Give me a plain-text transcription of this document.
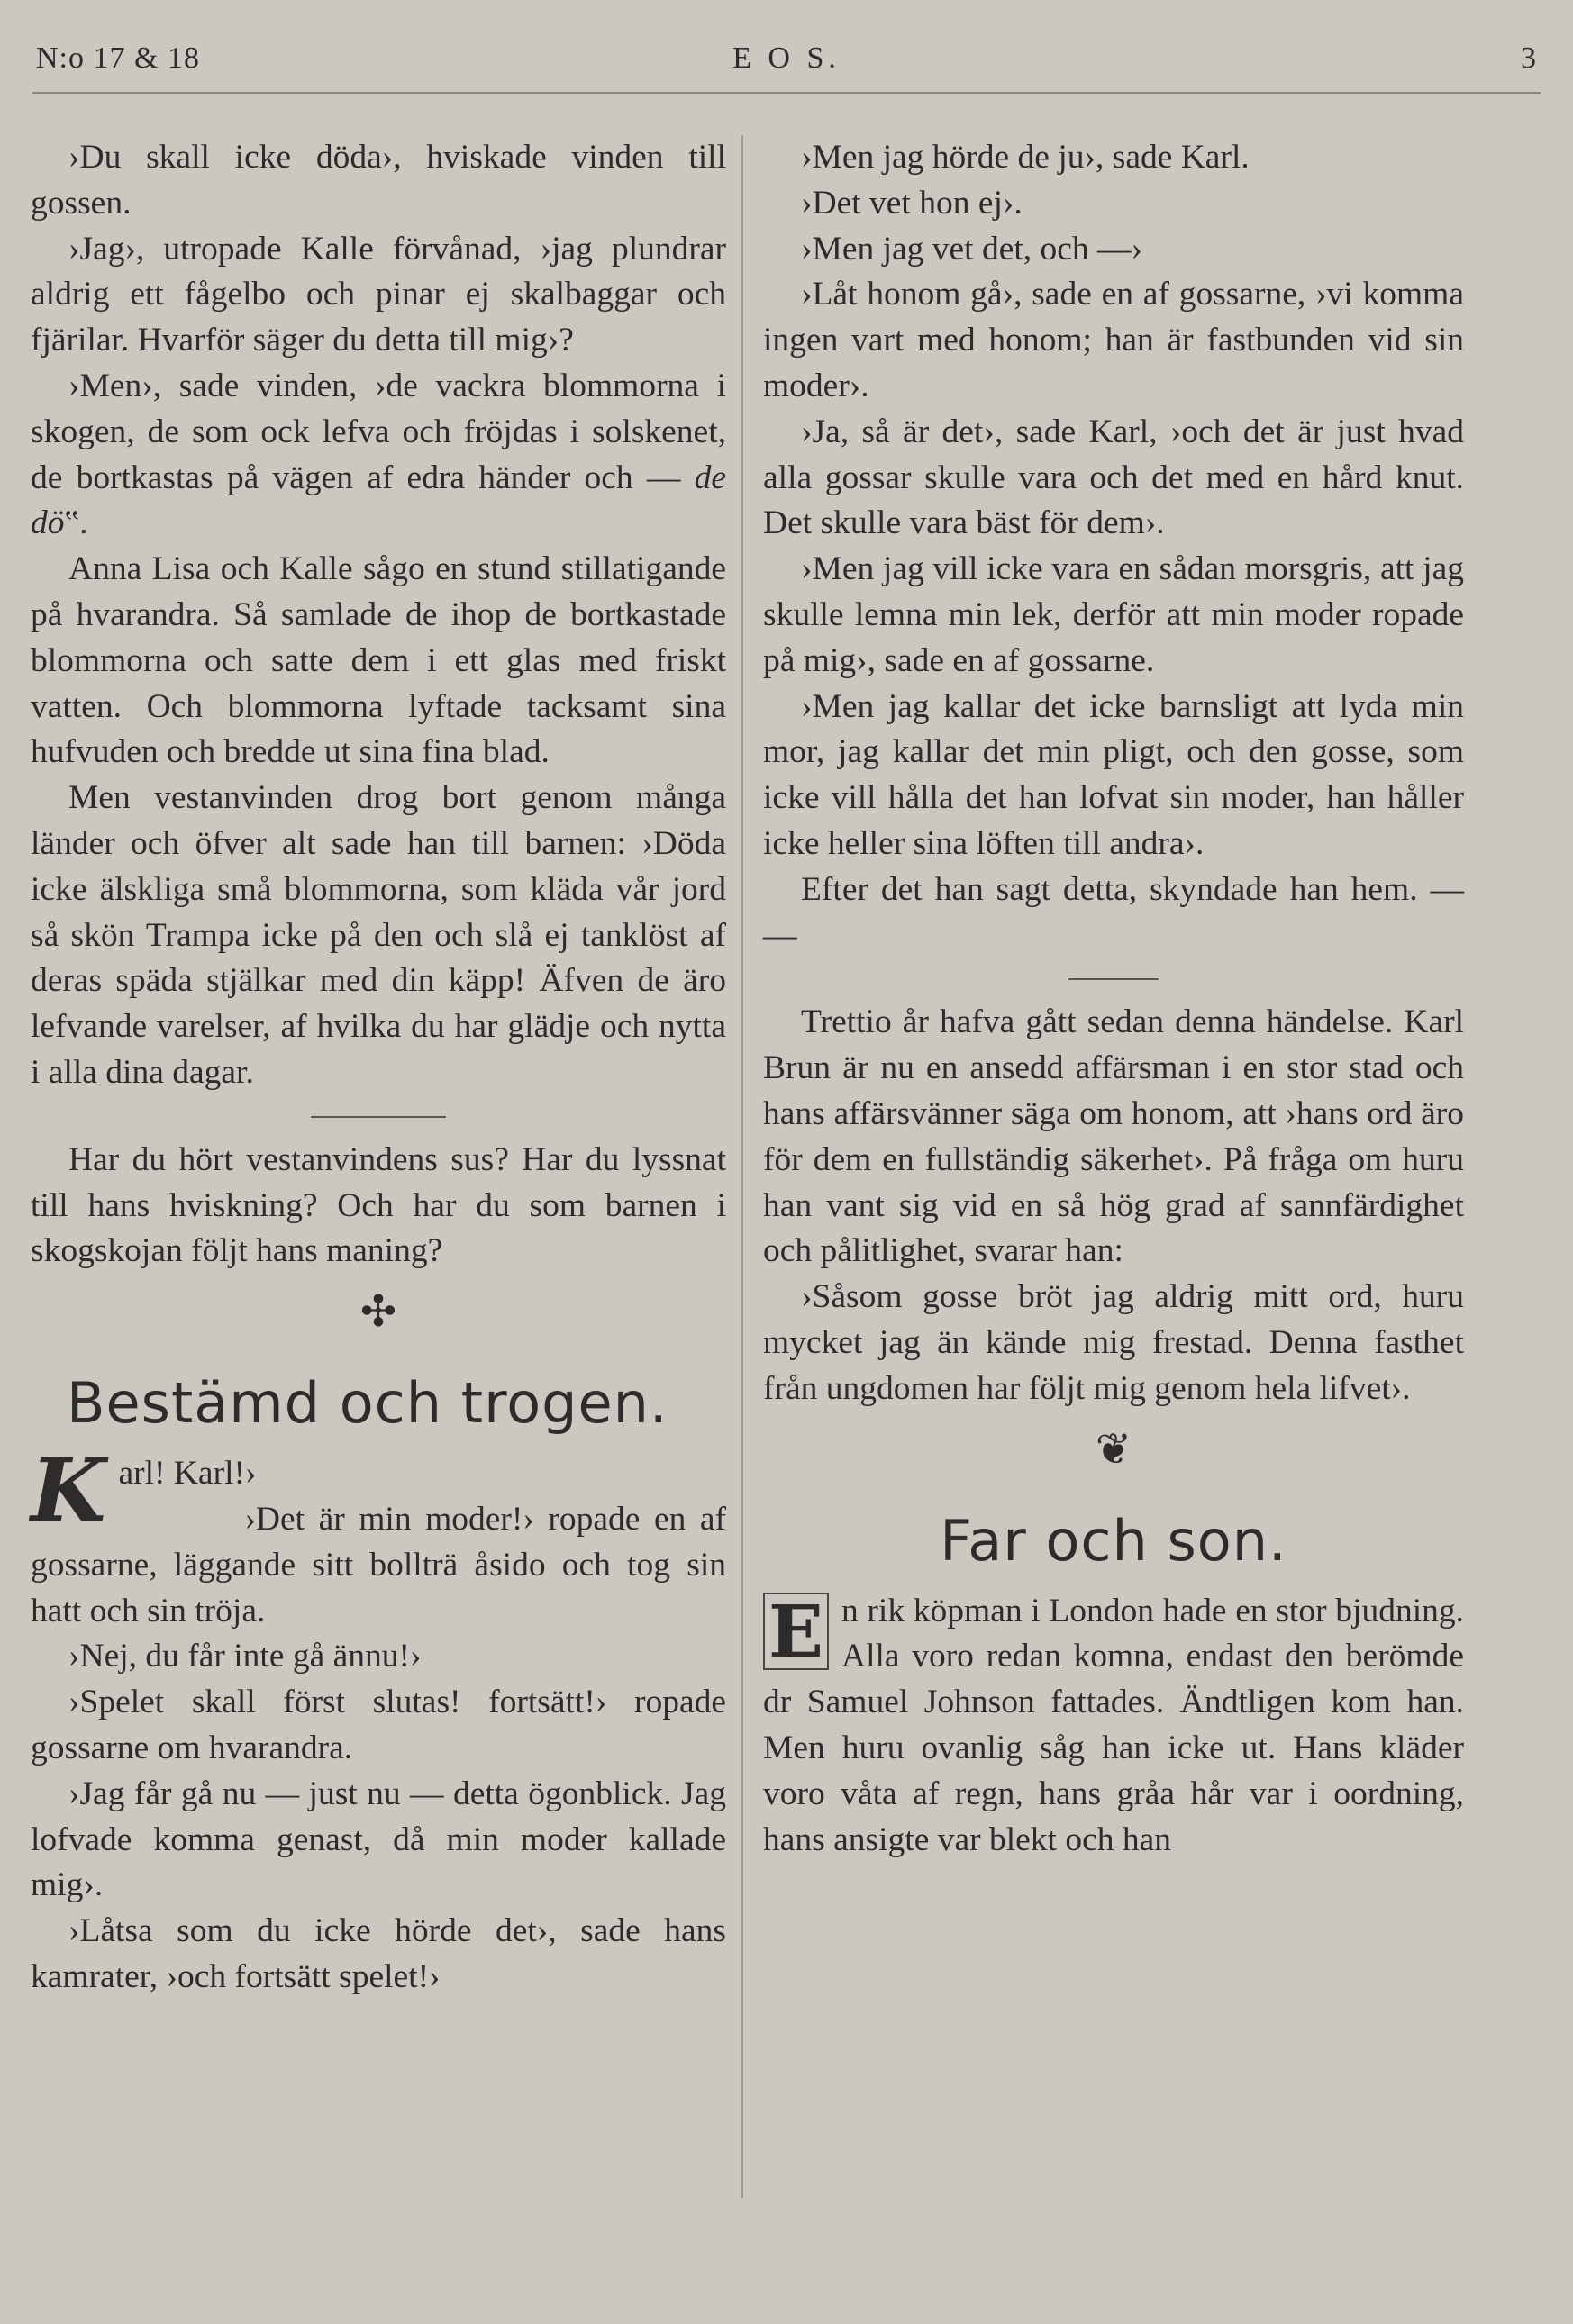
N:o 17 & 18	E O S.	3

›Du skall icke döda›, hviskade vinden till gossen.

›Jag›, utropade Kalle förvånad, ›jag plundrar aldrig ett fågelbo och pinar ej skalbaggar och fjärilar. Hvarför säger du detta till mig›?

›Men›, sade vinden, ›de vackra blommorna i skogen, de som ock lefva och fröjdas i solskenet, de bortkastas på vägen af edra händer och — de dö‟.

Anna Lisa och Kalle sågo en stund stillatigande på hvarandra. Så samlade de ihop de bortkastade blommorna och satte dem i ett glas med friskt vatten. Och blommorna lyftade tacksamt sina hufvuden och bredde ut sina fina blad.

Men vestanvinden drog bort genom många länder och öfver alt sade han till barnen: ›Döda icke älskliga små blommorna, som kläda vår jord så skön Trampa icke på den och slå ej tanklöst af deras späda stjälkar med din käpp! Äfven de äro lefvande varelser, af hvilka du har glädje och nytta i alla dina dagar.

Har du hört vestanvindens sus? Har du lyssnat till hans hviskning? Och har du som barnen i skogskojan följt hans maning?

✣
Bestämd och trogen.

Karl! Karl!›

›Det är min moder!› ropade en af gossarne, läggande sitt bollträ åsido och tog sin hatt och sin tröja.

›Nej, du får inte gå ännu!›

›Spelet skall först slutas! fortsätt!› ropade gossarne om hvarandra.

›Jag får gå nu — just nu — detta ögonblick. Jag lofvade komma genast, då min moder kallade mig›.

›Låtsa som du icke hörde det›, sade hans kamrater, ›och fortsätt spelet!›

›Men jag hörde de ju›, sade Karl.

›Det vet hon ej›.

›Men jag vet det, och —›

›Låt honom gå›, sade en af gossarne, ›vi komma ingen vart med honom; han är fastbunden vid sin moder›.

›Ja, så är det›, sade Karl, ›och det är just hvad alla gossar skulle vara och det med en hård knut. Det skulle vara bäst för dem›.

›Men jag vill icke vara en sådan morsgris, att jag skulle lemna min lek, derför att min moder ropade på mig›, sade en af gossarne.

›Men jag kallar det icke barnsligt att lyda min mor, jag kallar det min pligt, och den gosse, som icke vill hålla det han lofvat sin moder, han håller icke heller sina löften till andra›.

Efter det han sagt detta, skyndade han hem. — —

Trettio år hafva gått sedan denna händelse. Karl Brun är nu en ansedd affärsman i en stor stad och hans affärsvänner säga om honom, att ›hans ord äro för dem en fullständig säkerhet›. På fråga om huru han vant sig vid en så hög grad af sannfärdighet och pålitlighet, svarar han:

›Såsom gosse bröt jag aldrig mitt ord, huru mycket jag än kände mig frestad. Denna fasthet från ungdomen har följt mig genom hela lifvet›.

❦
Far och son.

E n rik köpman i London hade en stor bjudning. Alla voro redan komna, endast den berömde dr Samuel Johnson fattades. Ändtligen kom han. Men huru ovanlig såg han icke ut. Hans kläder voro våta af regn, hans gråa hår var i oordning, hans ansigte var blekt och han
